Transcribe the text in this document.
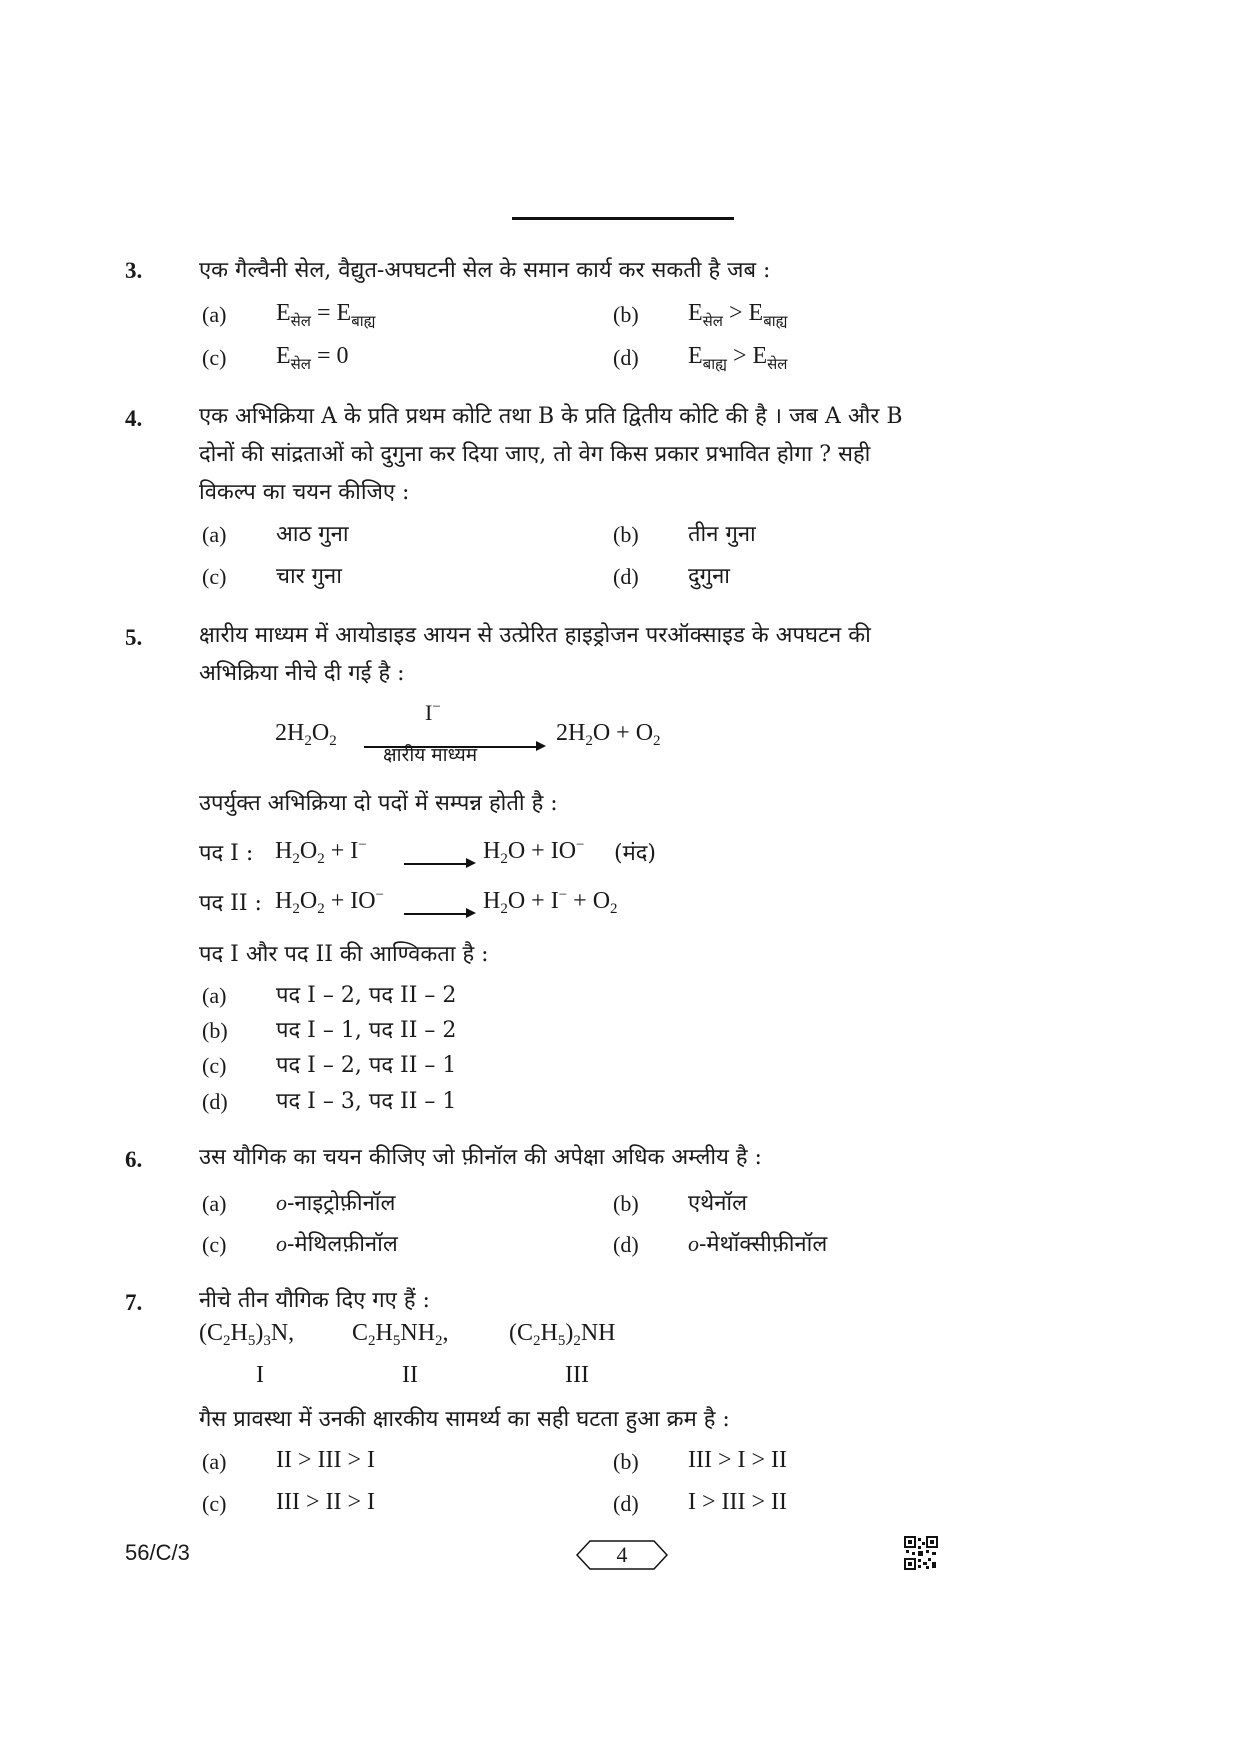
3.	एक गैल्वैनी सेल, वैद्युत-अपघटनी सेल के समान कार्य कर सकती है जब :
(a) $E_{सेल} = E_{बाह्य}$	(b) $E_{सेल} > E_{बाह्य}$
(c) $E_{सेल} = 0$	(d) $E_{बाह्य} > E_{सेल}$
4.	एक अभिक्रिया A के प्रति प्रथम कोटि तथा B के प्रति द्वितीय कोटि की है । जब A और B
दोनों की सांद्रताओं को दुगुना कर दिया जाए, तो वेग किस प्रकार प्रभावित होगा ? सही
विकल्प का चयन कीजिए :
(a) आठ गुना	(b) तीन गुना
(c) चार गुना	(d) दुगुना
5.	क्षारीय माध्यम में आयोडाइड आयन से उत्प्रेरित हाइड्रोजन परऑक्साइड के अपघटन की
अभिक्रिया नीचे दी गई है :
$2H_2O_2$
I−
क्षारीय माध्यम
$2H_2O + O_2$
उपर्युक्त अभिक्रिया दो पदों में सम्पन्न होती है :
पद I : $H_2O_2 + I^-$	$H_2O + IO^-$ (मंद)
पद II : $H_2O_2 + IO^-$	$H_2O + I^- + O_2$
पद I और पद II की आण्विकता है :
(a) पद I – 2, पद II – 2
(b) पद I – 1, पद II – 2
(c) पद I – 2, पद II – 1
(d) पद I – 3, पद II – 1
6.	उस यौगिक का चयन कीजिए जो फ़ीनॉल की अपेक्षा अधिक अम्लीय है :
(a) o-नाइट्रोफ़ीनॉल	(b) एथेनॉल
(c) o-मेथिलफ़ीनॉल	(d) o-मेथॉक्सीफ़ीनॉल
7.	नीचे तीन यौगिक दिए गए हैं :
$(C_2H_5)_3N$, $C_2H_5NH_2$,	$(C_2H_5)_2NH$
I	II	III
गैस प्रावस्था में उनकी क्षारकीय सामर्थ्य का सही घटता हुआ क्रम है :
(a) II > III > I	(b) III > I > II
(c) III > II > I	(d) I > III > II
56/C/3	4
